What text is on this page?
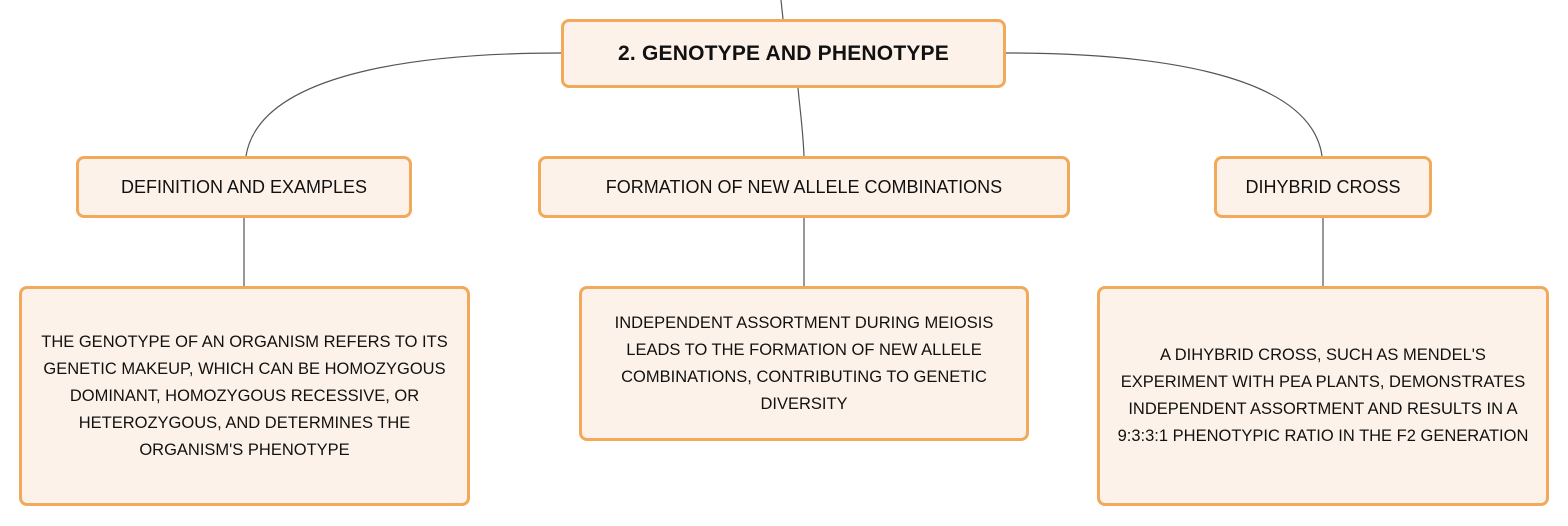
2. GENOTYPE AND PHENOTYPE
DEFINITION AND EXAMPLES	FORMATION OF NEW ALLELE COMBINATIONS	DIHYBRID CROSS
THE GENOTYPE OF AN ORGANISM REFERS TO ITS GENETIC MAKEUP, WHICH CAN BE HOMOZYGOUS DOMINANT, HOMOZYGOUS RECESSIVE, OR HETEROZYGOUS, AND DETERMINES THE ORGANISM'S PHENOTYPE
INDEPENDENT ASSORTMENT DURING MEIOSIS LEADS TO THE FORMATION OF NEW ALLELE COMBINATIONS, CONTRIBUTING TO GENETIC DIVERSITY
A DIHYBRID CROSS, SUCH AS MENDEL'S EXPERIMENT WITH PEA PLANTS, DEMONSTRATES INDEPENDENT ASSORTMENT AND RESULTS IN A 9:3:3:1 PHENOTYPIC RATIO IN THE F2 GENERATION
